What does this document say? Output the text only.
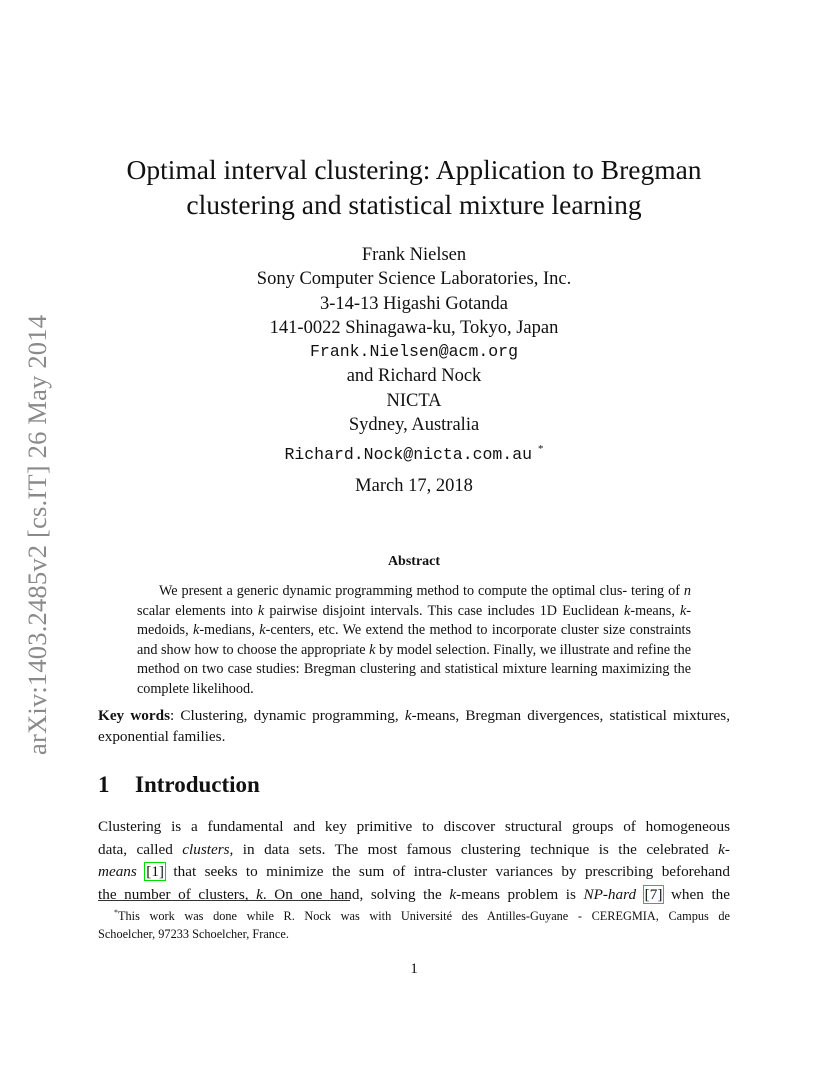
arXiv:1403.2485v2 [cs.IT] 26 May 2014
Optimal interval clustering: Application to Bregman
clustering and statistical mixture learning
Frank Nielsen
Sony Computer Science Laboratories, Inc.
3-14-13 Higashi Gotanda
141-0022 Shinagawa-ku, Tokyo, Japan
Frank.Nielsen@acm.org
and Richard Nock
NICTA
Sydney, Australia
Richard.Nock@nicta.com.au *
March 17, 2018
Abstract
We present a generic dynamic programming method to compute the optimal clus- tering of n scalar elements into k pairwise disjoint intervals. This case includes 1D Euclidean k-means, k-medoids, k-medians, k-centers, etc. We extend the method to incorporate cluster size constraints and show how to choose the appropriate k by model selection. Finally, we illustrate and refine the method on two case studies: Bregman clustering and statistical mixture learning maximizing the complete likelihood.
Key words: Clustering, dynamic programming, k-means, Bregman divergences, statistical mixtures, exponential families.
1 Introduction
Clustering is a fundamental and key primitive to discover structural groups of homogeneous
data, called clusters, in data sets. The most famous clustering technique is the celebrated k-
means [1] that seeks to minimize the sum of intra-cluster variances by prescribing beforehand
the number of clusters, k. On one hand, solving the k-means problem is NP-hard [7] when the
*This work was done while R. Nock was with Université des Antilles-Guyane - CEREGMIA, Campus de
Schoelcher, 97233 Schoelcher, France.
1
